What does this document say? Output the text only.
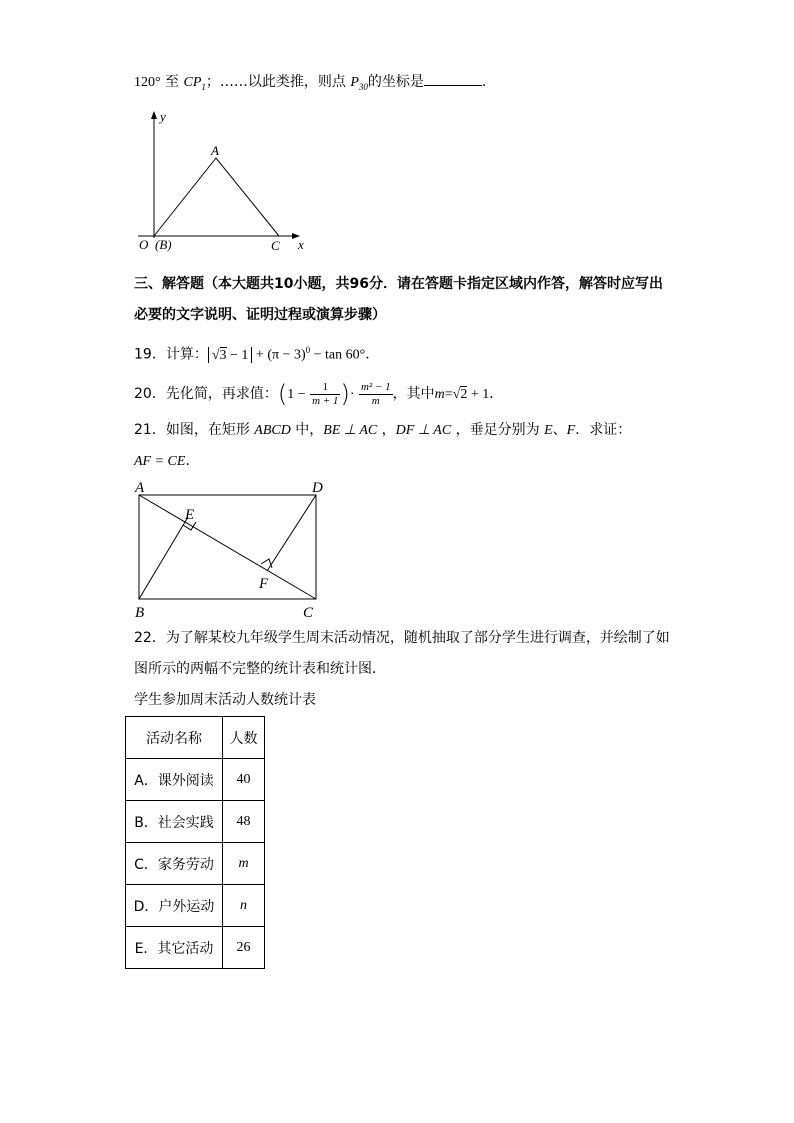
120° 至 $CP_1$；……以此类推，则点 $P_{30}$的坐标是	.
y
x
A
O (B)	C
三、解答题（本大题共10小题，共96分．请在答题卡指定区域内作答，解答时应写出
必要的文字说明、证明过程或演算步骤）
19．计算： $√3 - 1 + (\pi - 3)^0 - \tan 60^\circ$．
20．先化简，再求值：($1 - \frac{1}{m + 1}$ )· $\frac{\text{m² − 1}}{m}$ ，其中m=√2 + 1．
21．如图，在矩形 ABCD 中，BE ⊥ AC ，DF ⊥ AC ，垂足分别为 E、F．求证：
AF = CE．
A	D
E
F
B	C
22．为了解某校九年级学生周末活动情况，随机抽取了部分学生进行调查，并绘制了如
图所示的两幅不完整的统计表和统计图．
学生参加周末活动人数统计表
活动名称	人数
A．课外阅读	40
B．社会实践	48
C．家务劳动	m
D．户外运动	n
E．其它活动	26
